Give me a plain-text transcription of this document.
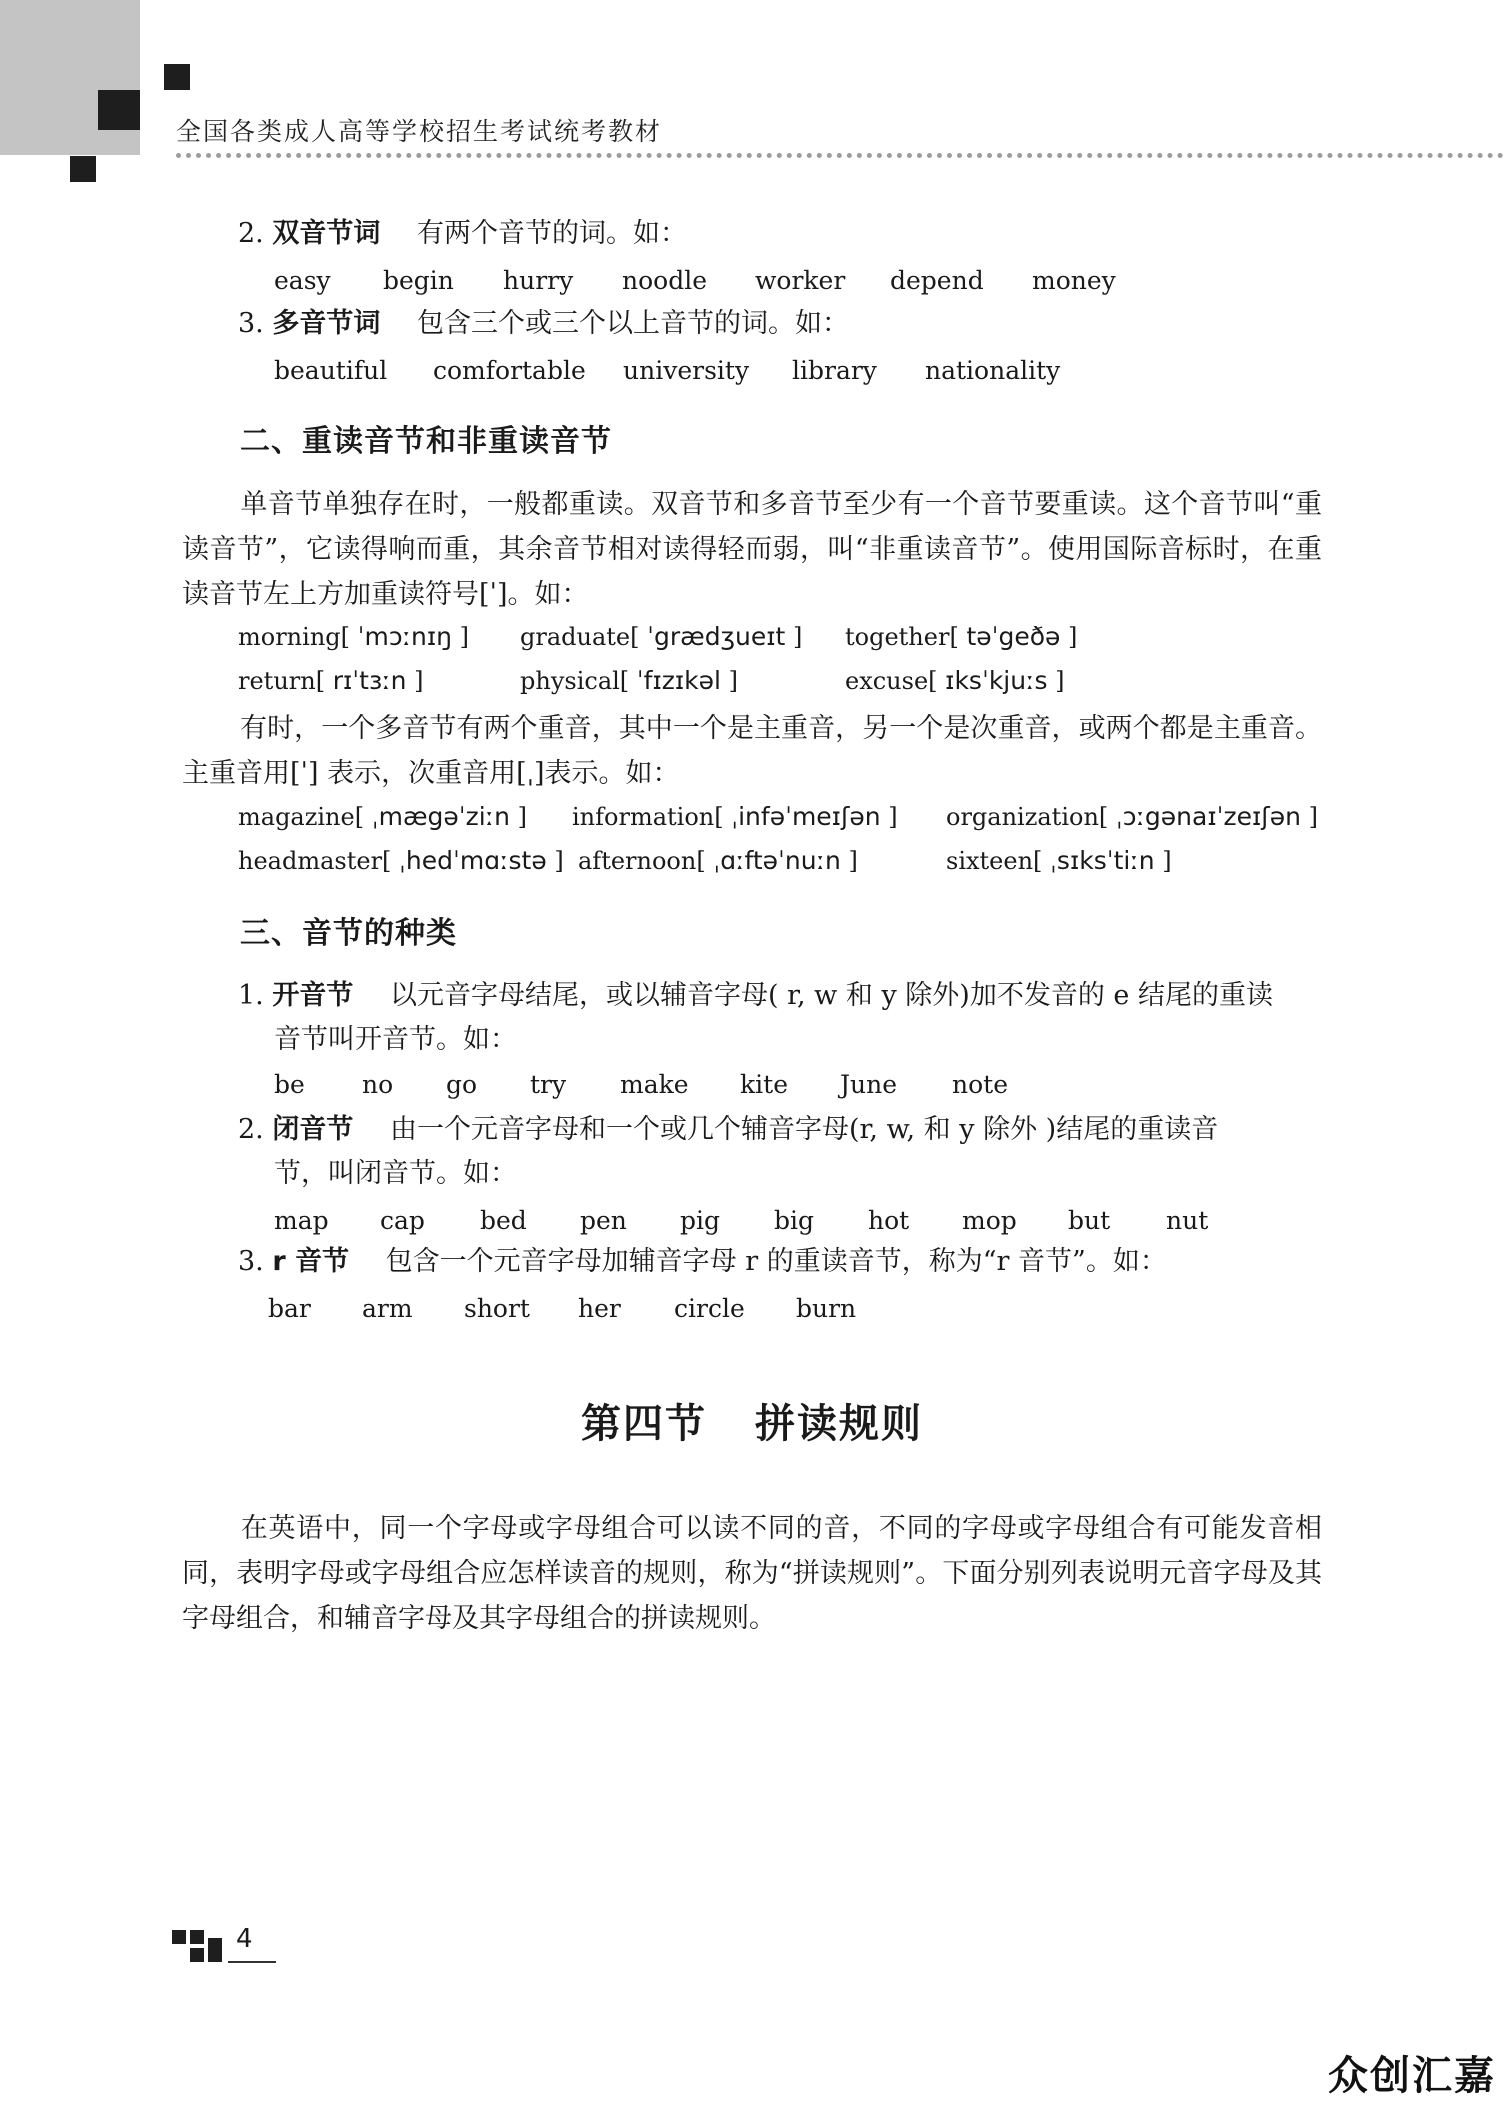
全国各类成人高等学校招生考试统考教材
2. 双音节词 有两个音节的词。如：
easy begin hurry noodle worker depend money
3. 多音节词 包含三个或三个以上音节的词。如：
beautiful comfortable university library nationality
二、重读音节和非重读音节
单音节单独存在时，一般都重读。双音节和多音节至少有一个音节要重读。这个音节叫“重读音节”，它读得响而重，其余音节相对读得轻而弱，叫“非重读音节”。使用国际音标时，在重读音节左上方加重读符号[ˈ]。如：
morning[ ˈmɔːnɪŋ ] graduate[ ˈgrædʒueɪt ] together[ təˈgeðə ]
return[ rɪˈtɜːn ]	physical[ ˈfɪzɪkəl ]	excuse[ ɪksˈkjuːs ]
有时，一个多音节有两个重音，其中一个是主重音，另一个是次重音，或两个都是主重音。主重音用[ˈ] 表示，次重音用[ˌ]表示。如：
magazine[ ˌmægəˈziːn ] information[ ˌinfəˈmeɪʃən ] organization[ ˌɔːgənaɪˈzeɪʃən ]
headmaster[ ˌhedˈmɑːstə ] afternoon[ ˌɑːftəˈnuːn ]	sixteen[ ˌsɪksˈtiːn ]
三、音节的种类
1. 开音节 以元音字母结尾，或以辅音字母( r, w 和 y 除外)加不发音的 e 结尾的重读
音节叫开音节。如：
be no go try make kite June note
2. 闭音节 由一个元音字母和一个或几个辅音字母(r, w, 和 y 除外 )结尾的重读音
节，叫闭音节。如：
map cap bed pen pig big hot mop but nut
3. r 音节 包含一个元音字母加辅音字母 r 的重读音节，称为“r 音节”。如：
bar arm short her circle burn
第四节 拼读规则
在英语中，同一个字母或字母组合可以读不同的音，不同的字母或字母组合有可能发音相同，表明字母或字母组合应怎样读音的规则，称为“拼读规则”。下面分别列表说明元音字母及其字母组合，和辅音字母及其字母组合的拼读规则。
4
众创汇嘉
